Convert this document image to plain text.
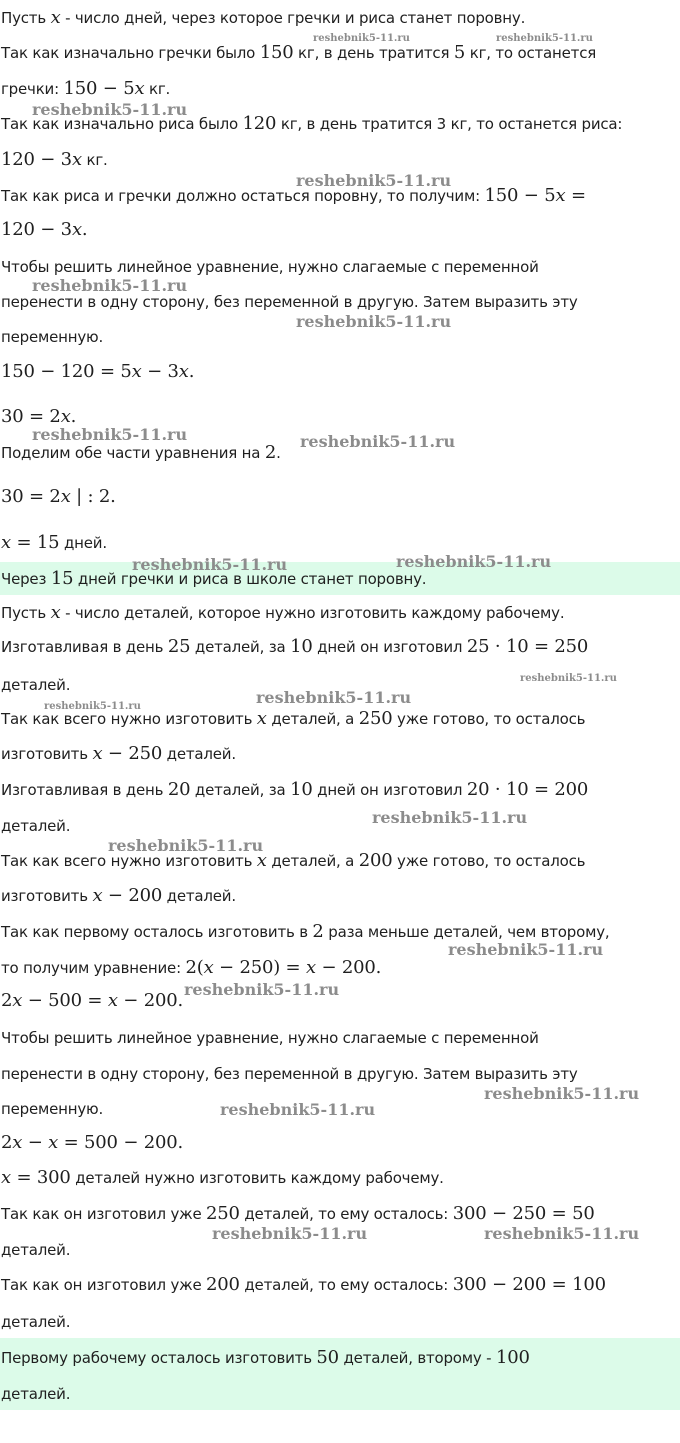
Пусть x - число дней, через которое гречки и риса станет поровну.
Так как изначально гречки было 150 кг, в день тратится 5 кг, то останется
гречки: 150 − 5x кг.
Так как изначально риса было 120 кг, в день тратится 3 кг, то останется риса:
120 − 3x кг.
Так как риса и гречки должно остаться поровну, то получим: 150 − 5x =
120 − 3x.
Чтобы решить линейное уравнение, нужно слагаемые с переменной
перенести в одну сторону, без переменной в другую. Затем выразить эту
переменную.
150 − 120 = 5x − 3x.
30 = 2x.
Поделим обе части уравнения на 2.
30 = 2x | : 2.
x = 15 дней.
Через 15 дней гречки и риса в школе станет поровну.
Пусть x - число деталей, которое нужно изготовить каждому рабочему.
Изготавливая в день 25 деталей, за 10 дней он изготовил 25 · 10 = 250
деталей.
Так как всего нужно изготовить x деталей, а 250 уже готово, то осталось
изготовить x − 250 деталей.
Изготавливая в день 20 деталей, за 10 дней он изготовил 20 · 10 = 200
деталей.
Так как всего нужно изготовить x деталей, а 200 уже готово, то осталось
изготовить x − 200 деталей.
Так как первому осталось изготовить в 2 раза меньше деталей, чем второму,
то получим уравнение: 2(x − 250) = x − 200.
2x − 500 = x − 200.
Чтобы решить линейное уравнение, нужно слагаемые с переменной
перенести в одну сторону, без переменной в другую. Затем выразить эту
переменную.
2x − x = 500 − 200.
x = 300 деталей нужно изготовить каждому рабочему.
Так как он изготовил уже 250 деталей, то ему осталось: 300 − 250 = 50
деталей.
Так как он изготовил уже 200 деталей, то ему осталось: 300 − 200 = 100
деталей.
Первому рабочему осталось изготовить 50 деталей, второму - 100
деталей.
reshebnik5-11.ru	reshebnik5-11.ru
reshebnik5-11.ru
reshebnik5-11.ru
reshebnik5-11.ru
reshebnik5-11.ru
reshebnik5-11.ru	reshebnik5-11.ru
reshebnik5-11.ru	reshebnik5-11.ru
reshebnik5-11.ru
reshebnik5-11.ru
reshebnik5-11.ru
reshebnik5-11.ru
reshebnik5-11.ru
reshebnik5-11.ru
reshebnik5-11.ru
reshebnik5-11.ru
reshebnik5-11.ru
reshebnik5-11.ru	reshebnik5-11.ru
